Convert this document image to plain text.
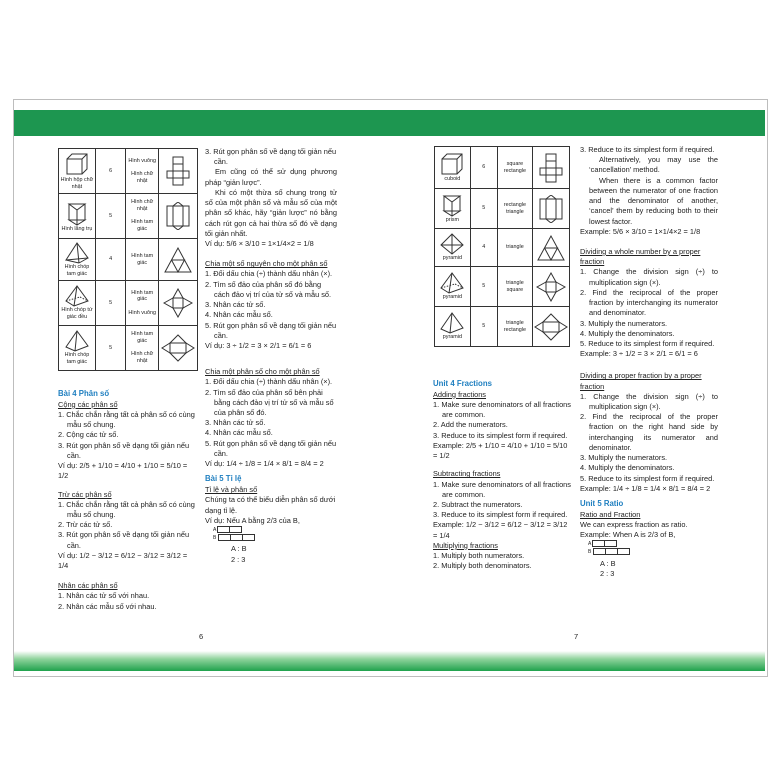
Hình hộp chữ nhật	6	Hình vuông

Hình chữ nhật

Hình lăng trụ	5	Hình chữ nhật

Hình tam giác

Hình chóp tam giác	4	Hình tam giác

Hình chóp tứ giác đều	5	Hình tam giác

Hình vuông

Hình chóp tam giác	5	Hình tam giác

Hình chữ nhật

Bài 4 Phân số

Cộng các phân số

1. Chắc chắn rằng tất cả phân số có cùng mẫu số chung.

2. Cộng các tử số.

3. Rút gọn phân số về dạng tối giản nếu cần.

Ví dụ: 2/5 + 1/10 = 4/10 + 1/10 = 5/10 = 1/2

Trừ các phân số

1. Chắc chắn rằng tất cả phân số có cùng mẫu số chung.

2. Trừ các tử số.

3. Rút gọn phân số về dạng tối giản nếu cần.

Ví dụ: 1/2 − 3/12 = 6/12 − 3/12 = 3/12 = 1/4

Nhân các phân số

1. Nhân các tử số với nhau.

2. Nhân các mẫu số với nhau.

3. Rút gọn phân số về dạng tối giản nếu cần.

Em cũng có thể sử dụng phương pháp “giản lược”.

Khi có một thừa số chung trong tử số của một phân số và mẫu số của một phân số khác, hãy “giản lược” nó bằng cách rút gọn cả hai thừa số đó về dạng tối giản nhất.

Ví dụ: 5/6 × 3/10 = 1×1/4×2 = 1/8

Chia một số nguyên cho một phân số

1. Đổi dấu chia (÷) thành dấu nhân (×).

2. Tìm số đảo của phân số đó bằng cách đảo vị trí của tử số và mẫu số.

3. Nhân các tử số.

4. Nhân các mẫu số.

5. Rút gọn phân số về dạng tối giản nếu cần.

Ví dụ: 3 ÷ 1/2 = 3 × 2/1 = 6/1 = 6

Chia một phân số cho một phân số

1. Đổi dấu chia (÷) thành dấu nhân (×).

2. Tìm số đảo của phân số bên phải bằng cách đảo vị trí tử số và mẫu số của phân số đó.

3. Nhân các tử số.

4. Nhân các mẫu số.

5. Rút gọn phân số về dạng tối giản nếu cần.

Ví dụ: 1/4 ÷ 1/8 = 1/4 × 8/1 = 8/4 = 2

Bài 5 Tỉ lệ

Tỉ lệ và phân số

Chúng ta có thể biểu diễn phân số dưới dạng tỉ lệ.

Ví dụ: Nếu A bằng 2/3 của B,

A
B

A : B

2 : 3

6
cuboid	6	square
rectangle

prism	5	rectangle
triangle

pyramid	4	triangle

pyramid	5	triangle
square

pyramid	5	triangle
rectangle

Unit 4 Fractions

Adding fractions

1. Make sure denominators of all fractions are common.

2. Add the numerators.

3. Reduce to its simplest form if required.

Example: 2/5 + 1/10 = 4/10 + 1/10 = 5/10 = 1/2

Subtracting fractions

1. Make sure denominators of all fractions are common.

2. Subtract the numerators.

3. Reduce to its simplest form if required.

Example: 1/2 − 3/12 = 6/12 − 3/12 = 3/12 = 1/4

Multiplying fractions

1. Multiply both numerators.

2. Multiply both denominators.

3. Reduce to its simplest form if required.

Alternatively, you may use the ‘cancellation’ method.

When there is a common factor between the numerator of one fraction and the denominator of another, ‘cancel’ them by reducing both to their lowest factor.

Example: 5/6 × 3/10 = 1×1/4×2 = 1/8

Dividing a whole number by a proper fraction

1. Change the division sign (÷) to multiplication sign (×).

2. Find the reciprocal of the proper fraction by interchanging its numerator and denominator.

3. Multiply the numerators.

4. Multiply the denominators.

5. Reduce to its simplest form if required.

Example: 3 ÷ 1/2 = 3 × 2/1 = 6/1 = 6

Dividing a proper fraction by a proper fraction

1. Change the division sign (÷) to multiplication sign (×).

2. Find the reciprocal of the proper fraction on the right hand side by interchanging its numerator and denominator.

3. Multiply the numerators.

4. Multiply the denominators.

5. Reduce to its simplest form if required.

Example: 1/4 ÷ 1/8 = 1/4 × 8/1 = 8/4 = 2

Unit 5 Ratio

Ratio and Fraction

We can express fraction as ratio.

Example: When A is 2/3 of B,

A
B

A : B

2 : 3

7
